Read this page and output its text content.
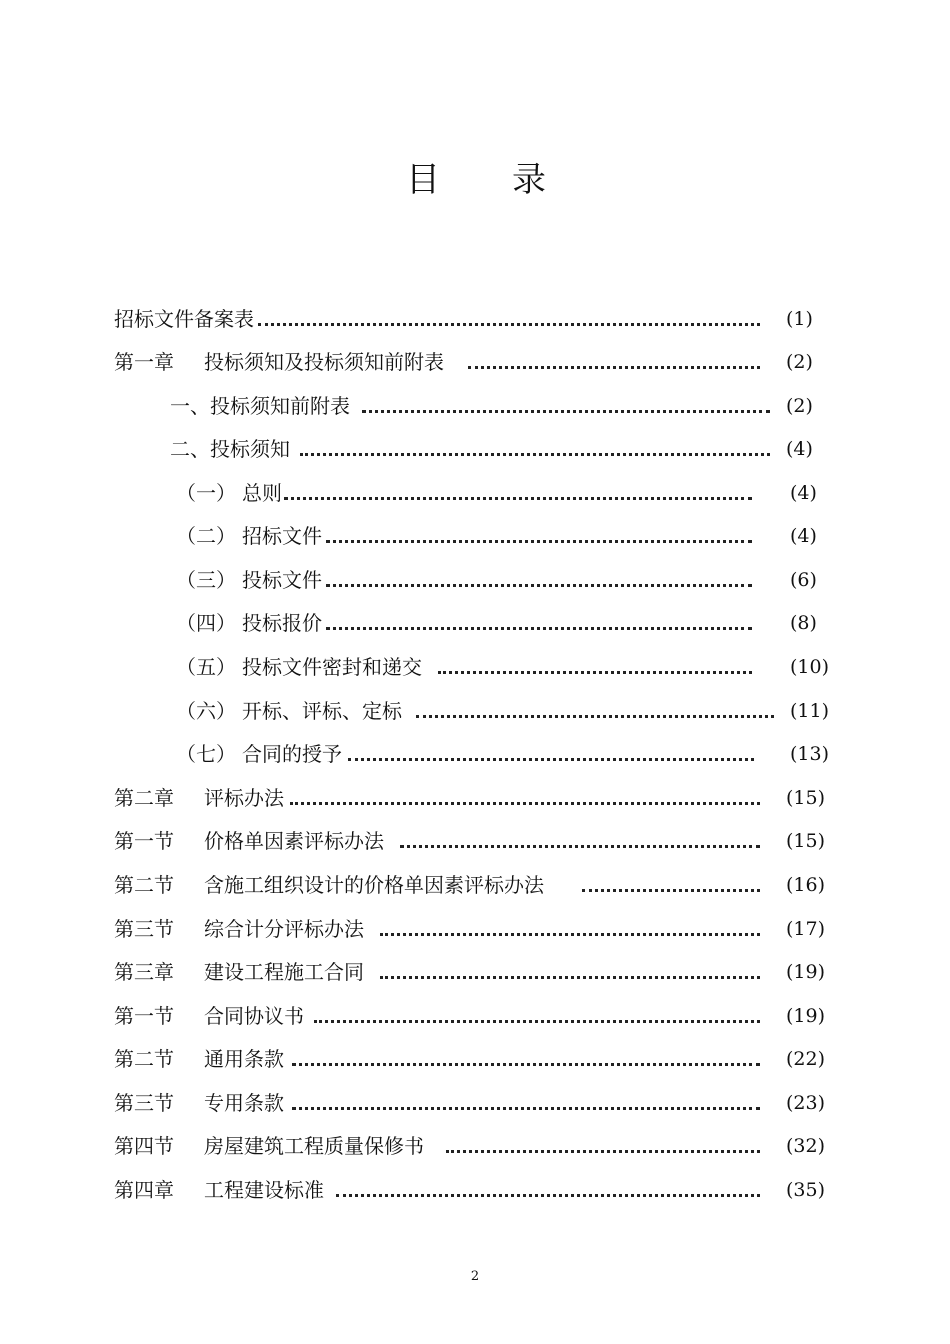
目 录
招标文件备案表	(1)
第一章 投标须知及投标须知前附表	(2)
一、投标须知前附表	(2)
二、投标须知	(4)
（一） 总则	(4)
（二） 招标文件	(4)
（三） 投标文件	(6)
（四） 投标报价	(8)
（五） 投标文件密封和递交	(10)
（六） 开标、评标、定标	(11)
（七） 合同的授予	(13)
第二章 评标办法	(15)
第一节 价格单因素评标办法	(15)
第二节 含施工组织设计的价格单因素评标办法	(16)
第三节 综合计分评标办法	(17)
第三章 建设工程施工合同	(19)
第一节 合同协议书	(19)
第二节 通用条款	(22)
第三节 专用条款	(23)
第四节 房屋建筑工程质量保修书	(32)
第四章 工程建设标准	(35)
2
